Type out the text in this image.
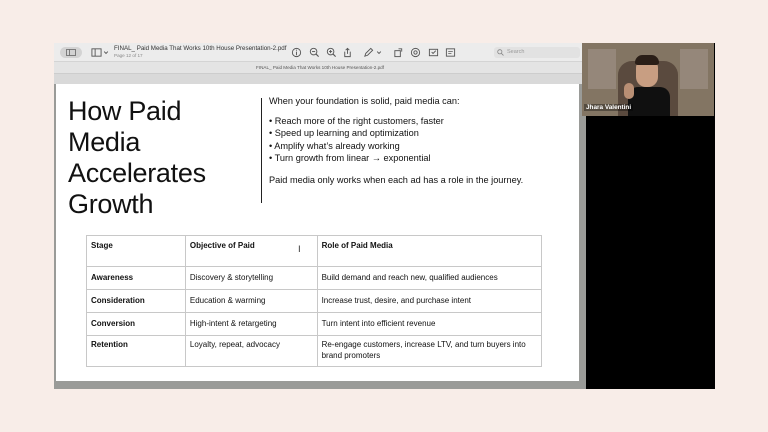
FINAL_ Paid Media That Works 10th House Presentation-2.pdf
Page 12 of 17
Search
FINAL_ Paid Media That Works 10th House Presentation-2.pdf
How Paid
Media
Accelerates
Growth
When your foundation is solid, paid media can:
• Reach more of the right customers, faster
• Speed up learning and optimization
• Amplify what’s already working
• Turn growth from linear → exponential
Paid media only works when each ad has a role in the journey.
Stage	Objective of Paid	Role of Paid Media
Awareness	Discovery & storytelling	Build demand and reach new, qualified audiences
Consideration	Education & warming	Increase trust, desire, and purchase intent
Conversion	High-intent & retargeting	Turn intent into efficient revenue
Retention	Loyalty, repeat, advocacy	Re-engage customers, increase LTV, and turn buyers into brand promoters
I
Jhara Valentini
